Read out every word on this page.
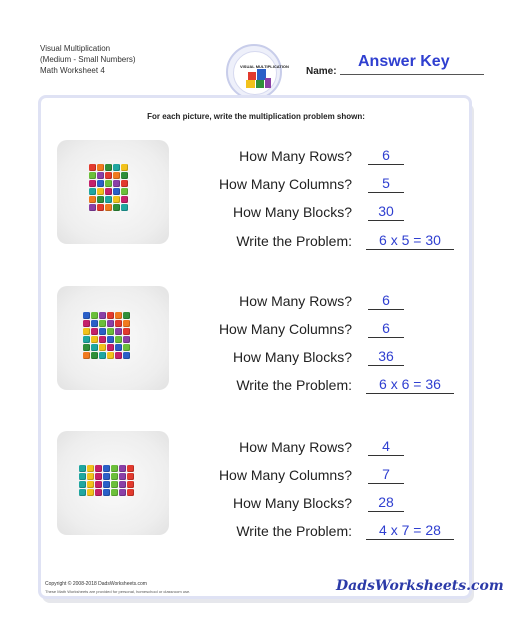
Visual Multiplication
(Medium - Small Numbers)
Math Worksheet 4	VISUAL MULTIPLICATION Name:
Answer Key
For each picture, write the multiplication problem shown:
How Many Rows?	6
How Many Columns?	5
How Many Blocks?	30
Write the Problem:	6 x 5 = 30
How Many Rows?	6
How Many Columns?	6
How Many Blocks?	36
Write the Problem:	6 x 6 = 36
How Many Rows?	4
How Many Columns?	7
How Many Blocks?	28
Write the Problem:	4 x 7 = 28
Copyright © 2008-2018 DadsWorksheets.com
These Math Worksheets are provided for personal, homeschool or classroom use.	DadsWorksheets.com
